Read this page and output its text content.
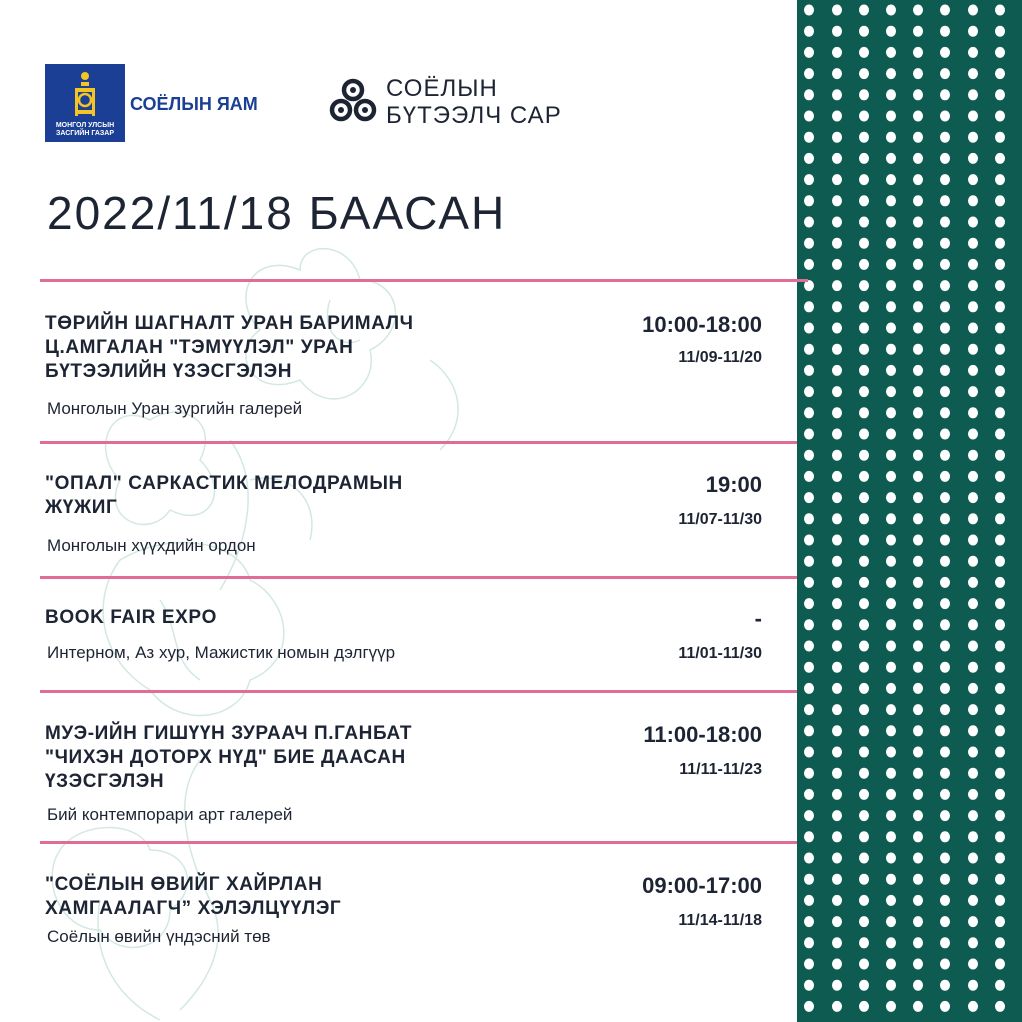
МОНГОЛ УЛСЫН
ЗАСГИЙН ГАЗАР
СОЁЛЫН ЯАМ
СОЁЛЫН
БҮТЭЭЛЧ САР
2022/11/18 БААСАН
ТӨРИЙН ШАГНАЛТ УРАН БАРИМАЛЧ
Ц.АМГАЛАН "ТЭМҮҮЛЭЛ" УРАН
БҮТЭЭЛИЙН ҮЗЭСГЭЛЭН
Монголын Уран зургийн галерей
10:00-18:00
11/09-11/20
"ОПАЛ" САРКАСТИК МЕЛОДРАМЫН
ЖҮЖИГ
Монголын хүүхдийн ордон
19:00
11/07-11/30
BOOK FAIR EXPO
Интерном, Аз хур, Мажистик номын дэлгүүр
-
11/01-11/30
МУЭ-ИЙН ГИШҮҮН ЗУРААЧ П.ГАНБАТ
"ЧИХЭН ДОТОРХ НҮД" БИЕ ДААСАН
ҮЗЭСГЭЛЭН
Бий контемпорари арт галерей
11:00-18:00
11/11-11/23
"СОЁЛЫН ӨВИЙГ ХАЙРЛАН
ХАМГААЛАГЧ” ХЭЛЭЛЦҮҮЛЭГ
Соёлын өвийн үндэсний төв
09:00-17:00
11/14-11/18
